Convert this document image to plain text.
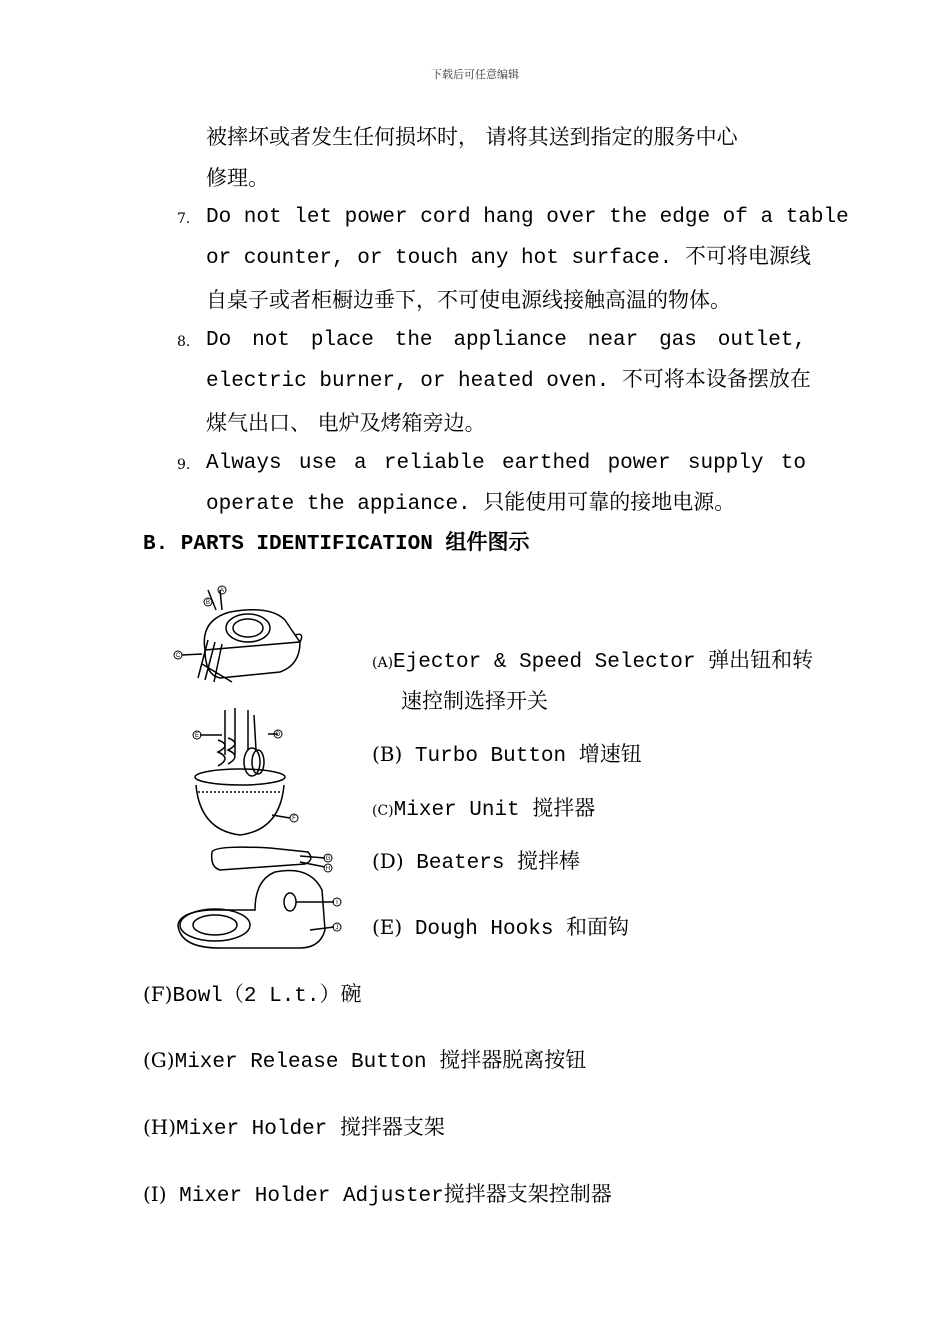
下载后可任意编辑
被摔坏或者发生任何损坏时， 请将其送到指定的服务中心
修理。
7. Do not let power cord hang over the edge of a table
or counter, or touch any hot surface. 不可将电源线
自桌子或者柜橱边垂下，不可使电源线接触高温的物体。
8. Do not place the appliance near gas outlet,
electric burner, or heated oven. 不可将本设备摆放在
煤气出口、 电炉及烤箱旁边。
9. Always use a reliable earthed power supply to
operate the appiance. 只能使用可靠的接地电源。
B. PARTS IDENTIFICATION 组件图示
A
B
C
E	D
F
G
H
I
J
(A)Ejector & Speed Selector 弹出钮和转
速控制选择开关
(B) Turbo Button 增速钮
(C)Mixer Unit 搅拌器
(D) Beaters 搅拌棒
(E) Dough Hooks 和面钩
(F)Bowl（2 L.t.）碗
(G)Mixer Release Button 搅拌器脱离按钮
(H)Mixer Holder 搅拌器支架
(I) Mixer Holder Adjuster搅拌器支架控制器
